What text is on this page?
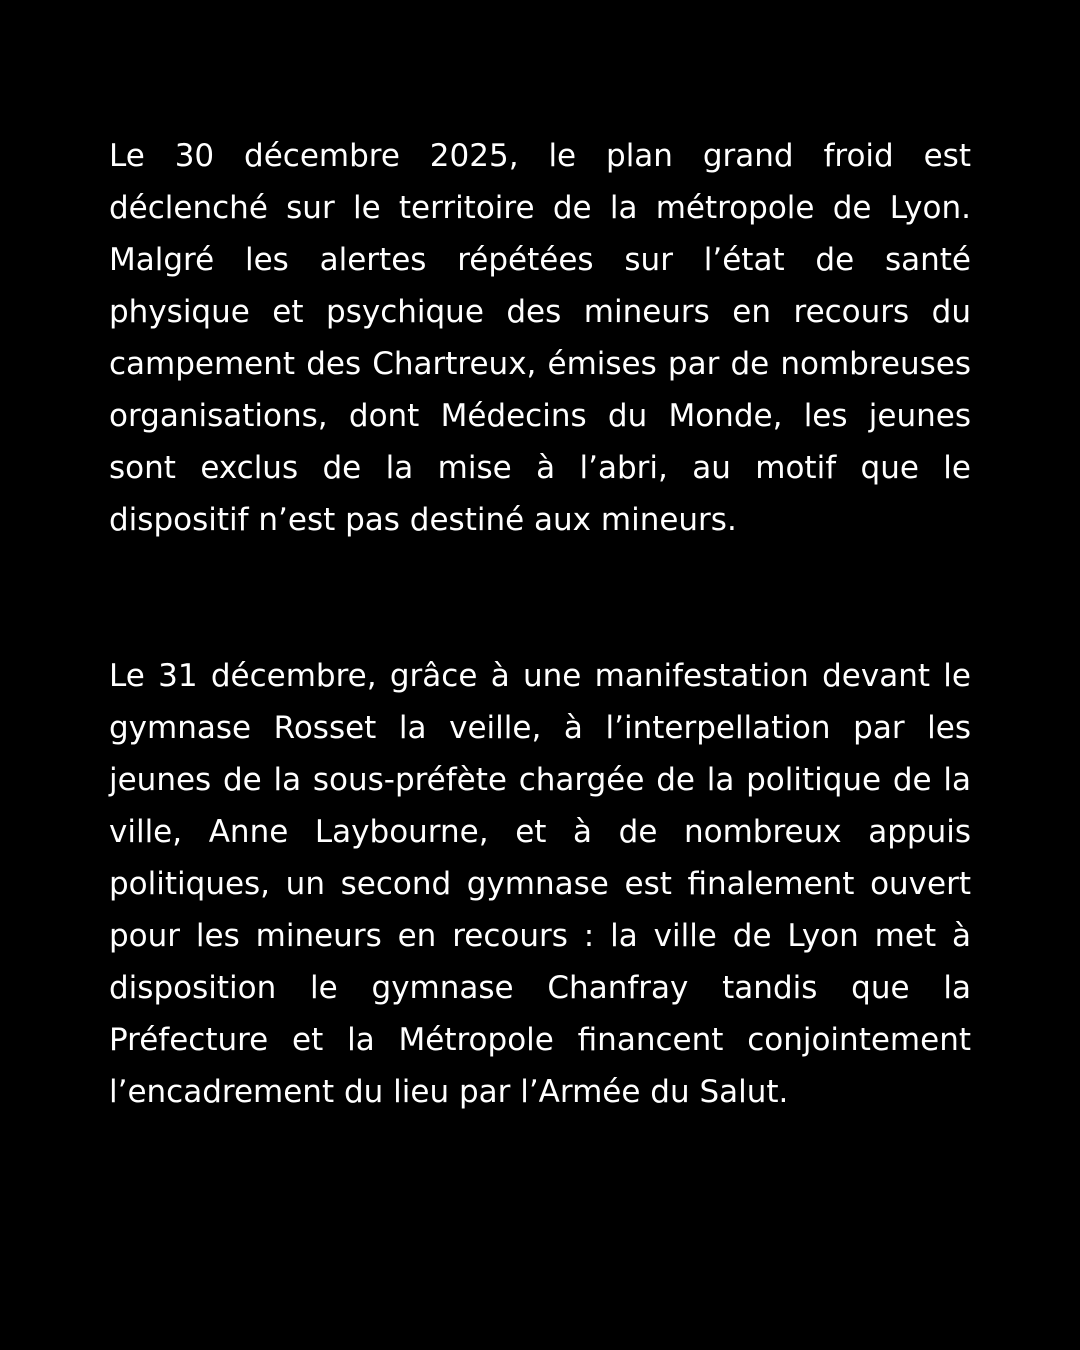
Le 30 décembre 2025, le plan grand froid est déclenché sur le territoire de la métropole de Lyon. Malgré les alertes répétées sur l’état de santé physique et psychique des mineurs en recours du campement des Chartreux, émises par de nombreuses organisations, dont Médecins du Monde, les jeunes sont exclus de la mise à l’abri, au motif que le dispositif n’est pas destiné aux mineurs.

Le 31 décembre, grâce à une manifestation devant le gymnase Rosset la veille, à l’interpellation par les jeunes de la sous-préfète chargée de la politique de la ville, Anne Laybourne, et à de nombreux appuis politiques, un second gymnase est finalement ouvert pour les mineurs en recours : la ville de Lyon met à disposition le gymnase Chanfray tandis que la Préfecture et la Métropole financent conjointement l’encadrement du lieu par l’Armée du Salut.
